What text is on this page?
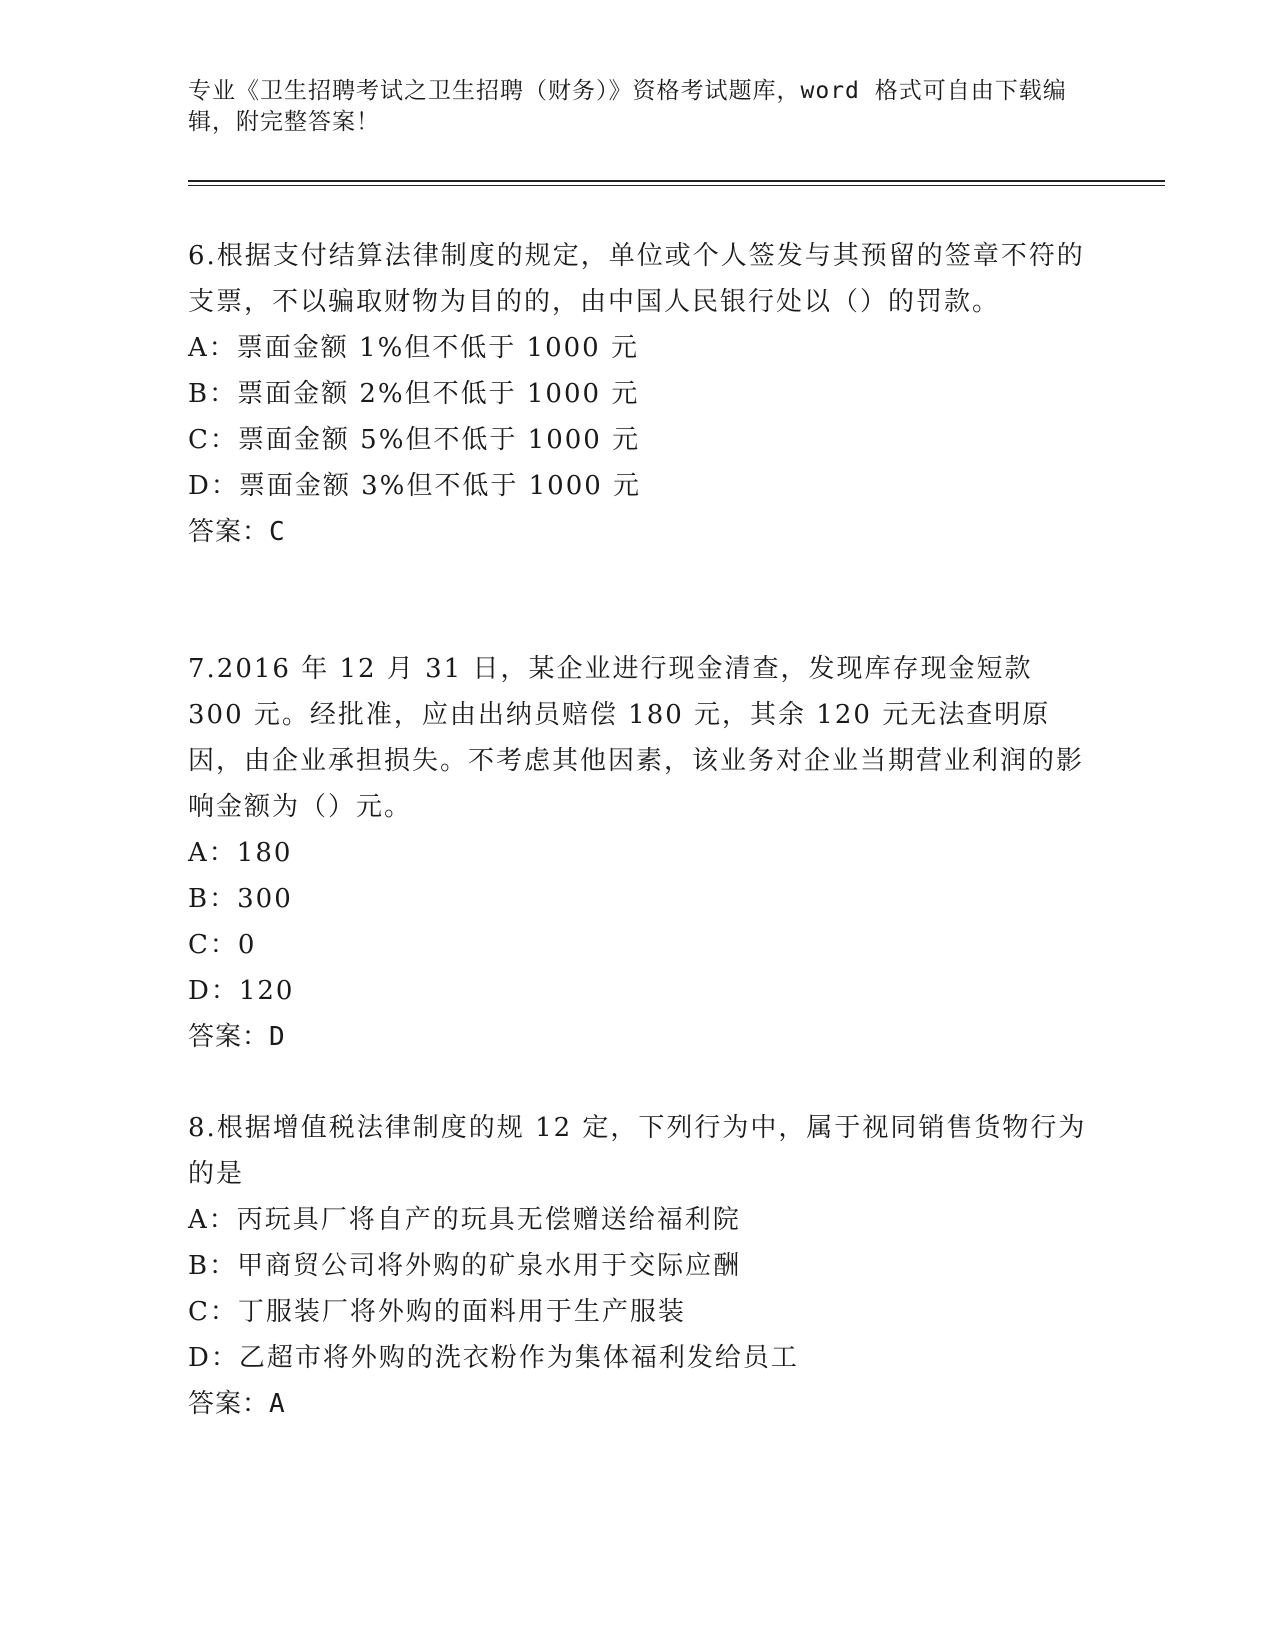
专业《卫生招聘考试之卫生招聘（财务）》资格考试题库，word 格式可自由下载编辑，附完整答案！

6.根据支付结算法律制度的规定，单位或个人签发与其预留的签章不符的支票，不以骗取财物为目的的，由中国人民银行处以（）的罚款。

A：票面金额 1%但不低于 1000 元

B：票面金额 2%但不低于 1000 元

C：票面金额 5%但不低于 1000 元

D：票面金额 3%但不低于 1000 元

答案：C

7.2016 年 12 月 31 日，某企业进行现金清查，发现库存现金短款 300 元。经批准，应由出纳员赔偿 180 元，其余 120 元无法查明原因，由企业承担损失。不考虑其他因素，该业务对企业当期营业利润的影响金额为（）元。

A：180

B：300

C：0

D：120

答案：D

8.根据增值税法律制度的规 12 定，下列行为中，属于视同销售货物行为的是

A：丙玩具厂将自产的玩具无偿赠送给福利院

B：甲商贸公司将外购的矿泉水用于交际应酬

C：丁服装厂将外购的面料用于生产服装

D：乙超市将外购的洗衣粉作为集体福利发给员工

答案：A
